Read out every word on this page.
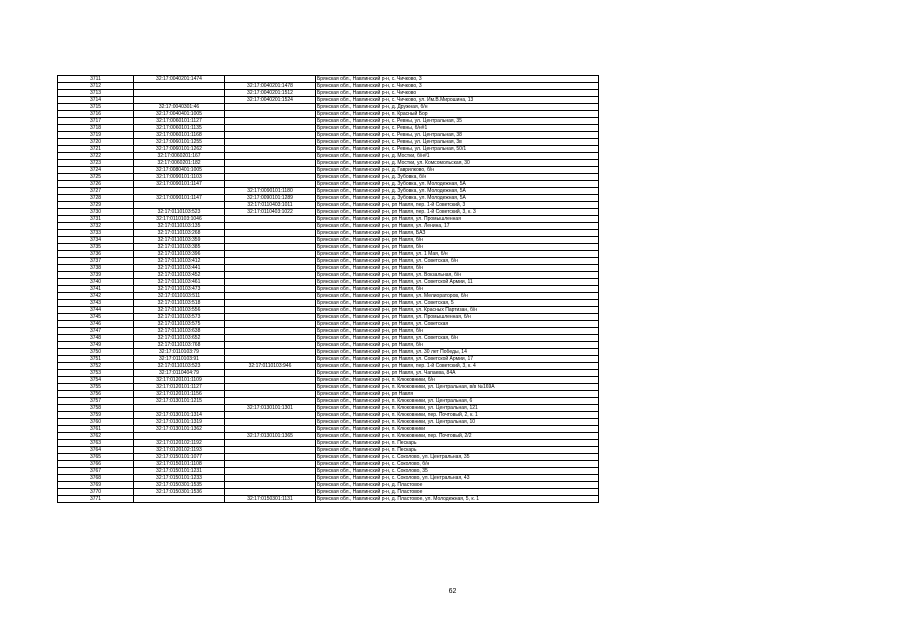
3711	32:17:0040201:1474		Брянская обл., Навлинский р-н, с. Чичково, 3
3712		32:17:0040201:1478	Брянская обл., Навлинский р-н, с. Чичково, 3
3713		32:17:0040201:1512	Брянская обл., Навлинский р-н, с. Чичково
3714		32:17:0040201:1524	Брянская обл., Навлинский р-н, с. Чичково, ул. Им.В.Мирошина, 13
3715	32:17:0040301:46		Брянская обл., Навлинский р-н, д. Дружная, б/н
3716	32:17:0040401:1005		Брянская обл., Навлинский р-н, п. Красный Бор
3717	32:17:0060101:1127		Брянская обл., Навлинский р-н, с. Ревны, ул. Центральная, 35
3718	32:17:0060101:1135		Брянская обл., Навлинский р-н, с. Ревны, б/н#1
3719	32:17:0060101:1168		Брянская обл., Навлинский р-н, с. Ревны, ул. Центральная, 38
3720	32:17:0060101:1255		Брянская обл., Навлинский р-н, с. Ревны, ул. Центральная, 3в
3721	32:17:0060101:1262		Брянская обл., Навлинский р-н, с. Ревны, ул. Центральная, 50/1
3722	32:17:0060201:167		Брянская обл., Навлинский р-н, д. Мостки, б/н#1
3723	32:17:0060201:182		Брянская обл., Навлинский р-н, д. Мостки, ул. Комсомольская, 30
3724	32:17:0080401:1005		Брянская обл., Навлинский р-н, д. Гаврилково, б/н
3725	32:17:0090101:1103		Брянская обл., Навлинский р-н, д. Зубовка, б/н
3726	32:17:0090101:1147		Брянская обл., Навлинский р-н, д. Зубовка, ул. Молодежная, 5А
3727		32:17:0090101:1180	Брянская обл., Навлинский р-н, д. Зубовка, ул. Молодежная, 5А
3728	32:17:0090101:1147	32:17:0090101:1289	Брянская обл., Навлинский р-н, д. Зубовка, ул. Молодежная, 5А
3729		32:17:0110403:1011	Брянская обл., Навлинский р-н, рп Навля, пер. 1-й Советский, 3
3730	32:17:0110103:523	32:17:0110403:1022	Брянская обл., Навлинский р-н, рп Навля, пер. 1-й Советский, 3, к. 3
3731	32:17:0110103:1046		Брянская обл., Навлинский р-н, рп Навля, ул. Промышленная
3732	32:17:0110103:135		Брянская обл., Навлинский р-н, рп Навля, ул. Ленина, 17
3733	32:17:0110103:268		Брянская обл., Навлинский р-н, рп Навля, БАЗ
3734	32:17:0110103:359		Брянская обл., Навлинский р-н, рп Навля, б/н
3735	32:17:0110103:385		Брянская обл., Навлинский р-н, рп Навля, б/н
3736	32:17:0110103:396		Брянская обл., Навлинский р-н, рп Навля, ул. 1 Мая, б/н
3737	32:17:0110103:412		Брянская обл., Навлинский р-н, рп Навля, ул. Советская, б/н
3738	32:17:0110103:441		Брянская обл., Навлинский р-н, рп Навля, б/н
3739	32:17:0110103:452		Брянская обл., Навлинский р-н, рп Навля, ул. Вокзальная, б/н
3740	32:17:0110103:461		Брянская обл., Навлинский р-н, рп Навля, ул. Советской Армии, 11
3741	32:17:0110103:473		Брянская обл., Навлинский р-н, рп Навля, б/н
3742	32:17:0110103:511		Брянская обл., Навлинский р-н, рп Навля, ул. Мелиораторов, б/н
3743	32:17:0110103:518		Брянская обл., Навлинский р-н, рп Навля, ул. Советская, 5
3744	32:17:0110103:556		Брянская обл., Навлинский р-н, рп Навля, ул. Красных Партизан, б/н
3745	32:17:0110103:573		Брянская обл., Навлинский р-н, рп Навля, ул. Промышленная, б/н
3746	32:17:0110103:575		Брянская обл., Навлинский р-н, рп Навля, ул. Советская
3747	32:17:0110103:638		Брянская обл., Навлинский р-н, рп Навля, б/н
3748	32:17:0110103:652		Брянская обл., Навлинский р-н, рп Навля, ул. Советская, б/н
3749	32:17:0110103:768		Брянская обл., Навлинский р-н, рп Навля, б/н
3750	32:17:0110103:79		Брянская обл., Навлинский р-н, рп Навля, ул. 30 лет Победы, 14
3751	32:17:0110103:91		Брянская обл., Навлинский р-н, рп Навля, ул. Советской Армии, 17
3752	32:17:0110103:523	32:17:0110103:946	Брянская обл., Навлинский р-н, рп Навля, пер. 1-й Советский, 3, к. 4
3753	32:17:0110404:79		Брянская обл., Навлинский р-н, рп Навля, ул. Чапаева, 84А
3754	32:17:0120101:1109		Брянская обл., Навлинский р-н, п. Клюковники, б/н
3755	32:17:0120101:1127		Брянская обл., Навлинский р-н, п. Клюковники, ул. Центральная, в/в №169А
3756	32:17:0120101:1156		Брянская обл., Навлинский р-н, рп Навля
3757	32:17:0130101:1215		Брянская обл., Навлинский р-н, п. Клюковники, ул. Центральная, 6
3758		32:17:0130101:1301	Брянская обл., Навлинский р-н, п. Клюковники, ул. Центральная, 121
3759	32:17:0130101:1314		Брянская обл., Навлинский р-н, п. Клюковники, пер. Почтовый, 2, к. 1
3760	32:17:0130101:1319		Брянская обл., Навлинский р-н, п. Клюковники, ул. Центральная, 10
3761	32:17:0130101:1362		Брянская обл., Навлинский р-н, п. Клюковники
3762		32:17:0130101:1365	Брянская обл., Навлинский р-н, п. Клюковники, пер. Почтовый, 2/2
3763	32:17:0120102:1192		Брянская обл., Навлинский р-н, п. Пескарь
3764	32:17:0120102:1193		Брянская обл., Навлинский р-н, п. Пескарь
3765	32:17:0150101:1077		Брянская обл., Навлинский р-н, с. Соколово, ул. Центральная, 35
3766	32:17:0150101:1108		Брянская обл., Навлинский р-н, с. Соколово, б/н
3767	32:17:0150101:1231		Брянская обл., Навлинский р-н, с. Соколово, 35
3768	32:17:0150101:1233		Брянская обл., Навлинский р-н, с. Соколово, ул. Центральная, 43
3769	32:17:0150301:1535		Брянская обл., Навлинский р-н, д. Пластовое
3770	32:17:0150301:1536		Брянская обл., Навлинский р-н, д. Пластовое
3771		32:17:0150301:1131	Брянская обл., Навлинский р-н, д. Пластовое, ул. Молодежная, 5, к. 1
62
